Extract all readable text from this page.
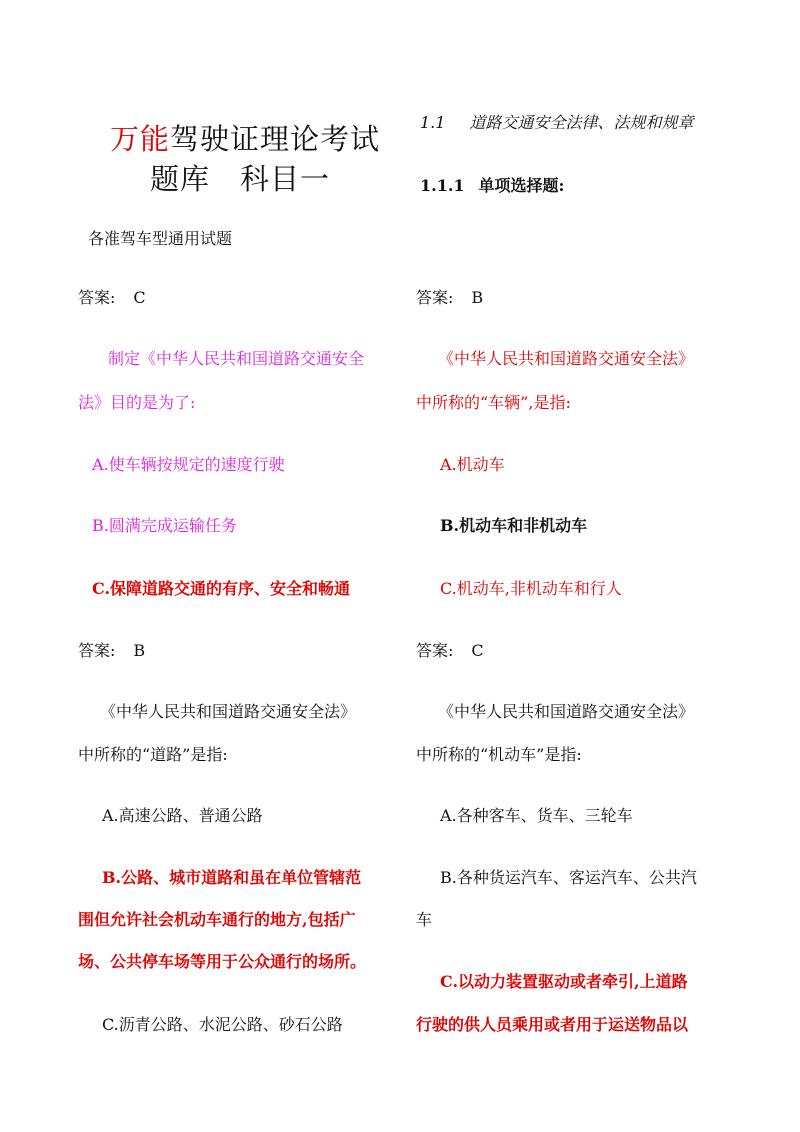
万能驾驶证理论考试
题库　科目一
各准驾车型通用试题
1.1 道路交通安全法律、法规和规章
1.1.1 单项选择题:
答案: C
制定《中华人民共和国道路交通安全
法》目的是为了:
A.使车辆按规定的速度行驶
B.圆满完成运输任务
C.保障道路交通的有序、安全和畅通
答案: B
《中华人民共和国道路交通安全法》
中所称的“车辆”,是指:
A.机动车
B.机动车和非机动车
C.机动车,非机动车和行人
答案: B
《中华人民共和国道路交通安全法》
中所称的“道路”是指:
A.高速公路、普通公路
B.公路、城市道路和虽在单位管辖范
围但允许社会机动车通行的地方,包括广
场、公共停车场等用于公众通行的场所。
C.沥青公路、水泥公路、砂石公路
答案: C
《中华人民共和国道路交通安全法》
中所称的“机动车”是指:
A.各种客车、货车、三轮车
B.各种货运汽车、客运汽车、公共汽
车
C.以动力装置驱动或者牵引,上道路
行驶的供人员乘用或者用于运送物品以
